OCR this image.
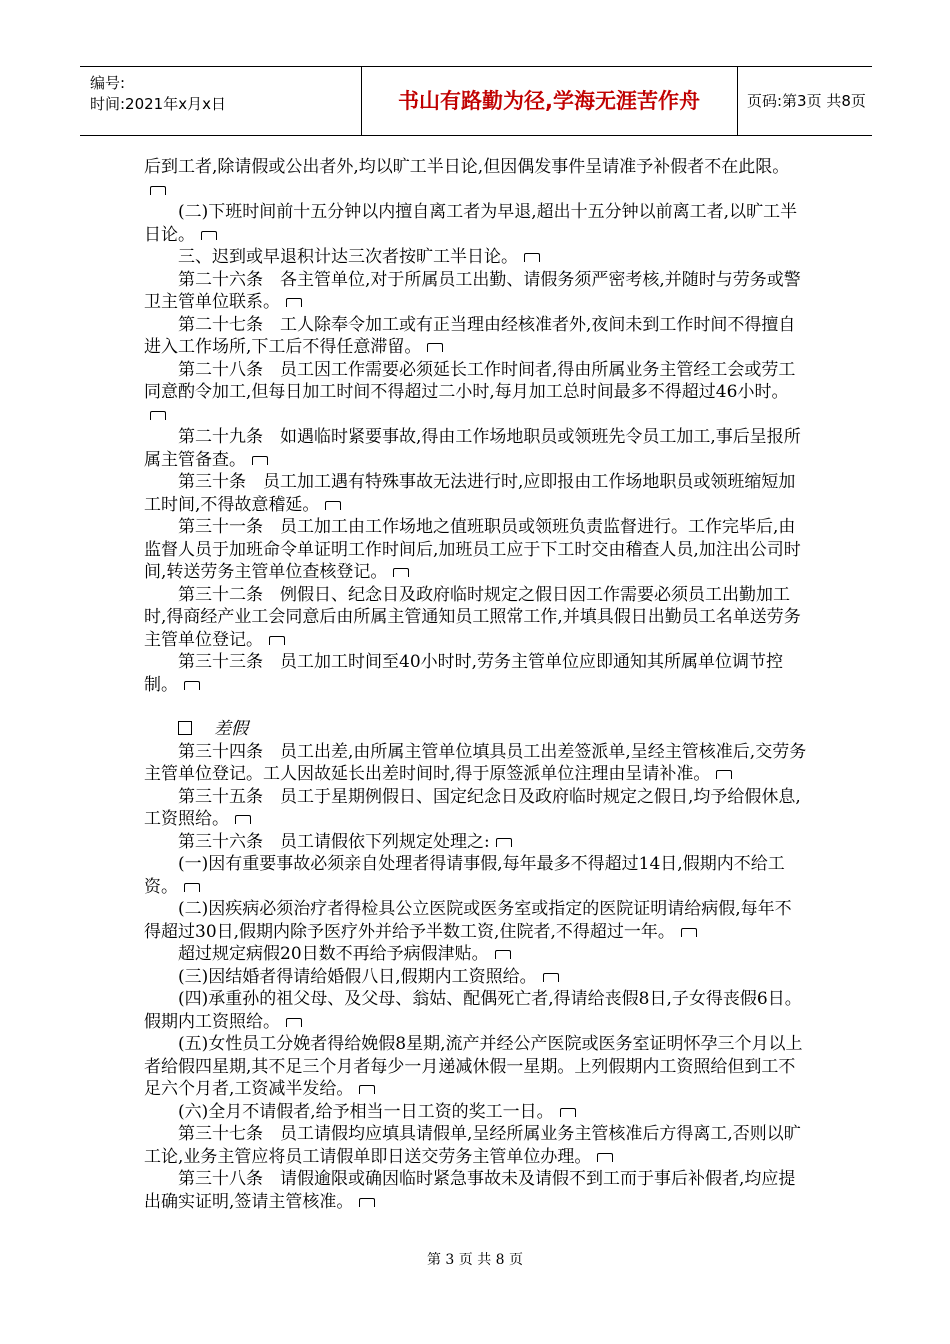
编号:
时间:2021年x月x日	书山有路勤为径,学海无涯苦作舟	页码:第3页 共8页

后到工者,除请假或公出者外,均以旷工半日论,但因偶发事件呈请准予补假者不在此限。

(二)下班时间前十五分钟以内擅自离工者为早退,超出十五分钟以前离工者,以旷工半日论。

三、迟到或早退积计达三次者按旷工半日论。

第二十六条　各主管单位,对于所属员工出勤、请假务须严密考核,并随时与劳务或警卫主管单位联系。

第二十七条　工人除奉令加工或有正当理由经核准者外,夜间未到工作时间不得擅自进入工作场所,下工后不得任意滞留。

第二十八条　员工因工作需要必须延长工作时间者,得由所属业务主管经工会或劳工同意酌令加工,但每日加工时间不得超过二小时,每月加工总时间最多不得超过46小时。

第二十九条　如遇临时紧要事故,得由工作场地职员或领班先令员工加工,事后呈报所属主管备查。

第三十条　员工加工遇有特殊事故无法进行时,应即报由工作场地职员或领班缩短加工时间,不得故意稽延。

第三十一条　员工加工由工作场地之值班职员或领班负责监督进行。工作完毕后,由监督人员于加班命令单证明工作时间后,加班员工应于下工时交由稽查人员,加注出公司时间,转送劳务主管单位查核登记。

第三十二条　例假日、纪念日及政府临时规定之假日因工作需要必须员工出勤加工时,得商经产业工会同意后由所属主管通知员工照常工作,并填具假日出勤员工名单送劳务主管单位登记。

第三十三条　员工加工时间至40小时时,劳务主管单位应即通知其所属单位调节控制。

差假

第三十四条　员工出差,由所属主管单位填具员工出差签派单,呈经主管核准后,交劳务主管单位登记。工人因故延长出差时间时,得于原签派单位注理由呈请补准。

第三十五条　员工于星期例假日、国定纪念日及政府临时规定之假日,均予给假休息,工资照给。

第三十六条　员工请假依下列规定处理之:

(一)因有重要事故必须亲自处理者得请事假,每年最多不得超过14日,假期内不给工资。

(二)因疾病必须治疗者得检具公立医院或医务室或指定的医院证明请给病假,每年不得超过30日,假期内除予医疗外并给予半数工资,住院者,不得超过一年。

超过规定病假20日数不再给予病假津贴。

(三)因结婚者得请给婚假八日,假期内工资照给。

(四)承重孙的祖父母、及父母、翁姑、配偶死亡者,得请给丧假8日,子女得丧假6日。假期内工资照给。

(五)女性员工分娩者得给娩假8星期,流产并经公产医院或医务室证明怀孕三个月以上者给假四星期,其不足三个月者每少一月递减休假一星期。上列假期内工资照给但到工不足六个月者,工资减半发给。

(六)全月不请假者,给予相当一日工资的奖工一日。

第三十七条　员工请假均应填具请假单,呈经所属业务主管核准后方得离工,否则以旷工论,业务主管应将员工请假单即日送交劳务主管单位办理。

第三十八条　请假逾限或确因临时紧急事故未及请假不到工而于事后补假者,均应提出确实证明,签请主管核准。

第 3 页 共 8 页
